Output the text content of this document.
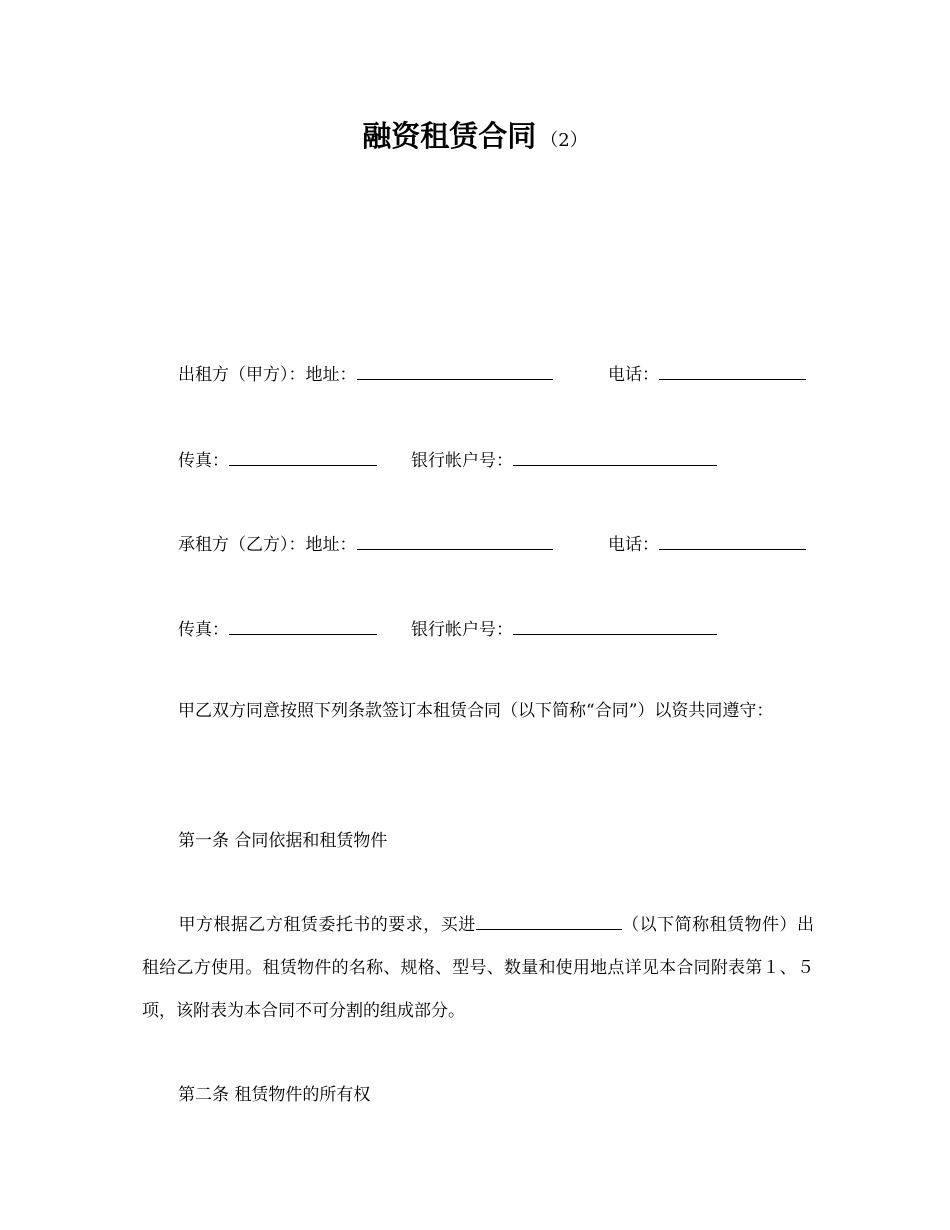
融资租赁合同 （2）
出租方（甲方）：地址：	电话：
传真：	银行帐户号：
承租方（乙方）：地址：	电话：
传真：	银行帐户号：
甲乙双方同意按照下列条款签订本租赁合同（以下简称“合同”）以资共同遵守：
第一条 合同依据和租赁物件
甲方根据乙方租赁委托书的要求，买进	（以下简称租赁物件）出租给乙方使用。租赁物件的名称、规格、型号、数量和使用地点详见本合同附表第１、５项，该附表为本合同不可分割的组成部分。
第二条 租赁物件的所有权
